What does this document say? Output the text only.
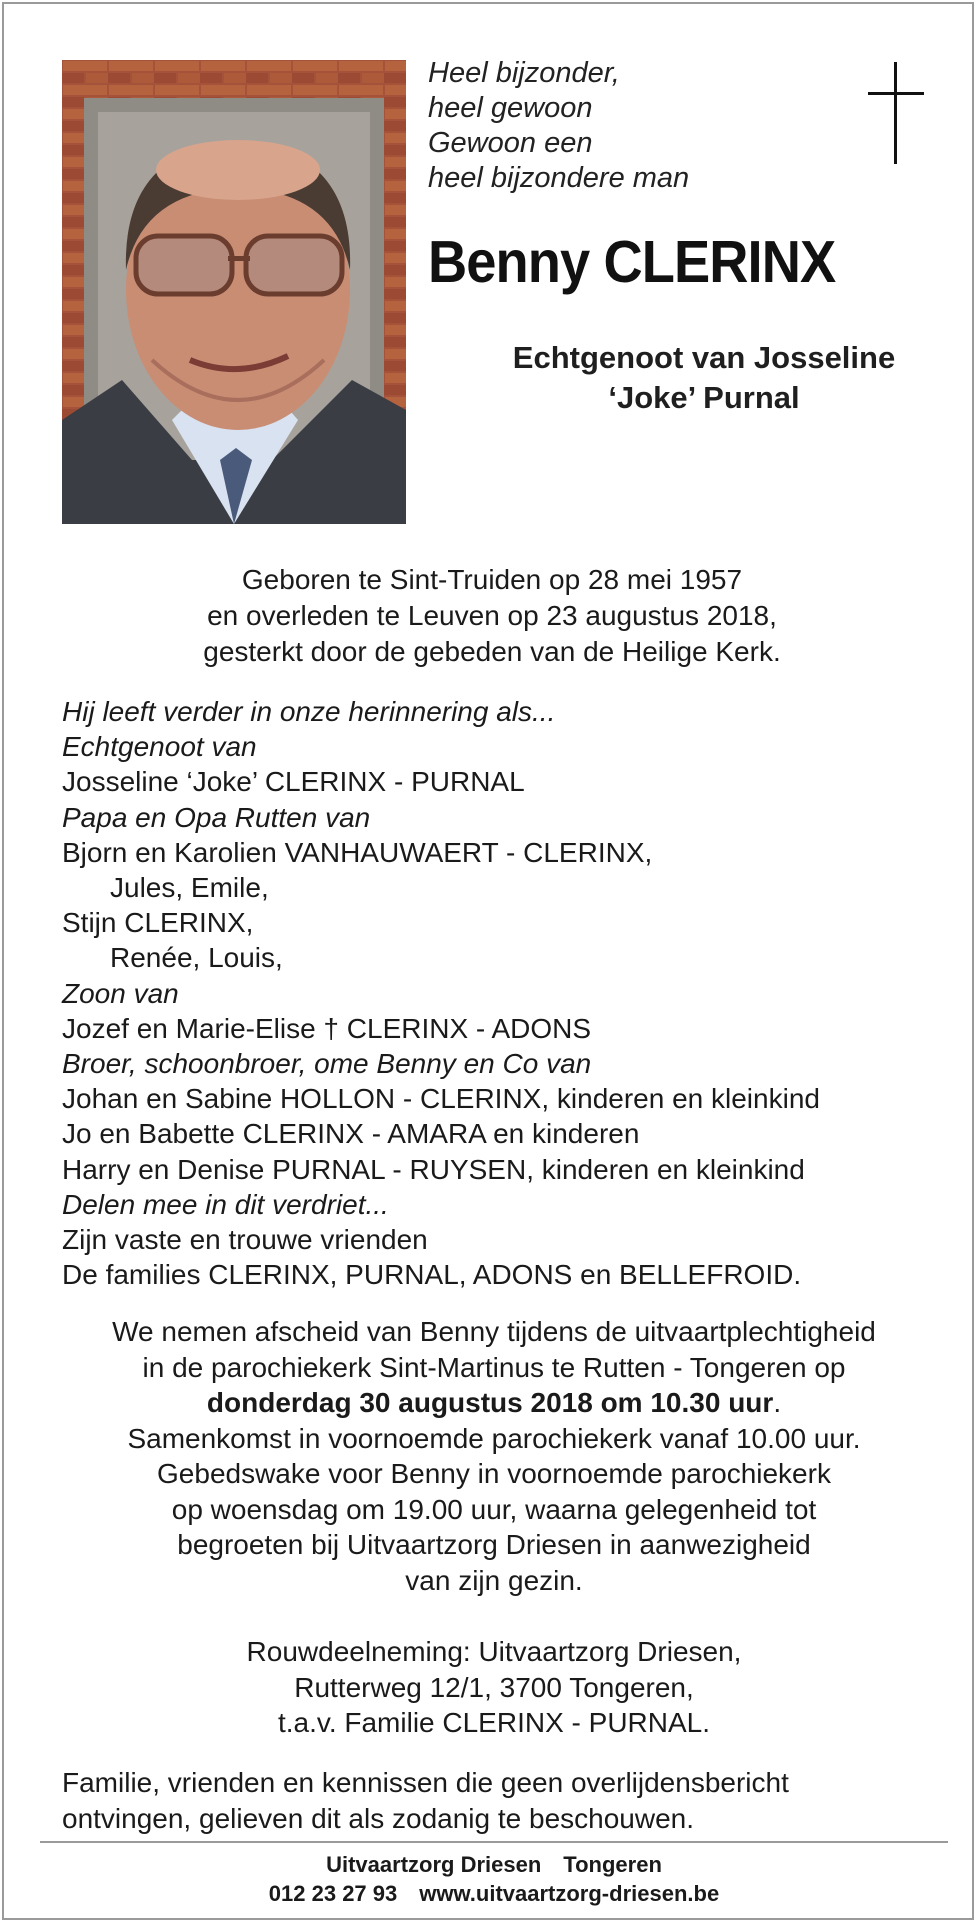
Heel bijzonder,
heel gewoon
Gewoon een
heel bijzondere man
Benny CLERINX
Echtgenoot van Josseline
‘Joke’ Purnal
Geboren te Sint-Truiden op 28 mei 1957
en overleden te Leuven op 23 augustus 2018,
gesterkt door de gebeden van de Heilige Kerk.
Hij leeft verder in onze herinnering als...
Echtgenoot van
Josseline ‘Joke’ CLERINX - PURNAL
Papa en Opa Rutten van
Bjorn en Karolien VANHAUWAERT - CLERINX,
Jules, Emile,
Stijn CLERINX,
Renée, Louis,
Zoon van
Jozef en Marie-Elise † CLERINX - ADONS
Broer, schoonbroer, ome Benny en Co van
Johan en Sabine HOLLON - CLERINX, kinderen en kleinkind
Jo en Babette CLERINX - AMARA en kinderen
Harry en Denise PURNAL - RUYSEN, kinderen en kleinkind
Delen mee in dit verdriet...
Zijn vaste en trouwe vrienden
De families CLERINX, PURNAL, ADONS en BELLEFROID.
We nemen afscheid van Benny tijdens de uitvaartplechtigheid
in de parochiekerk Sint-Martinus te Rutten - Tongeren op
donderdag 30 augustus 2018 om 10.30 uur.
Samenkomst in voornoemde parochiekerk vanaf 10.00 uur.
Gebedswake voor Benny in voornoemde parochiekerk
op woensdag om 19.00 uur, waarna gelegenheid tot
begroeten bij Uitvaartzorg Driesen in aanwezigheid
van zijn gezin.
Rouwdeelneming: Uitvaartzorg Driesen,
Rutterweg 12/1, 3700 Tongeren,
t.a.v. Familie CLERINX - PURNAL.
Familie, vrienden en kennissen die geen overlijdensbericht
ontvingen, gelieven dit als zodanig te beschouwen.
Uitvaartzorg Driesen Tongeren
012 23 27 93 www.uitvaartzorg-driesen.be
